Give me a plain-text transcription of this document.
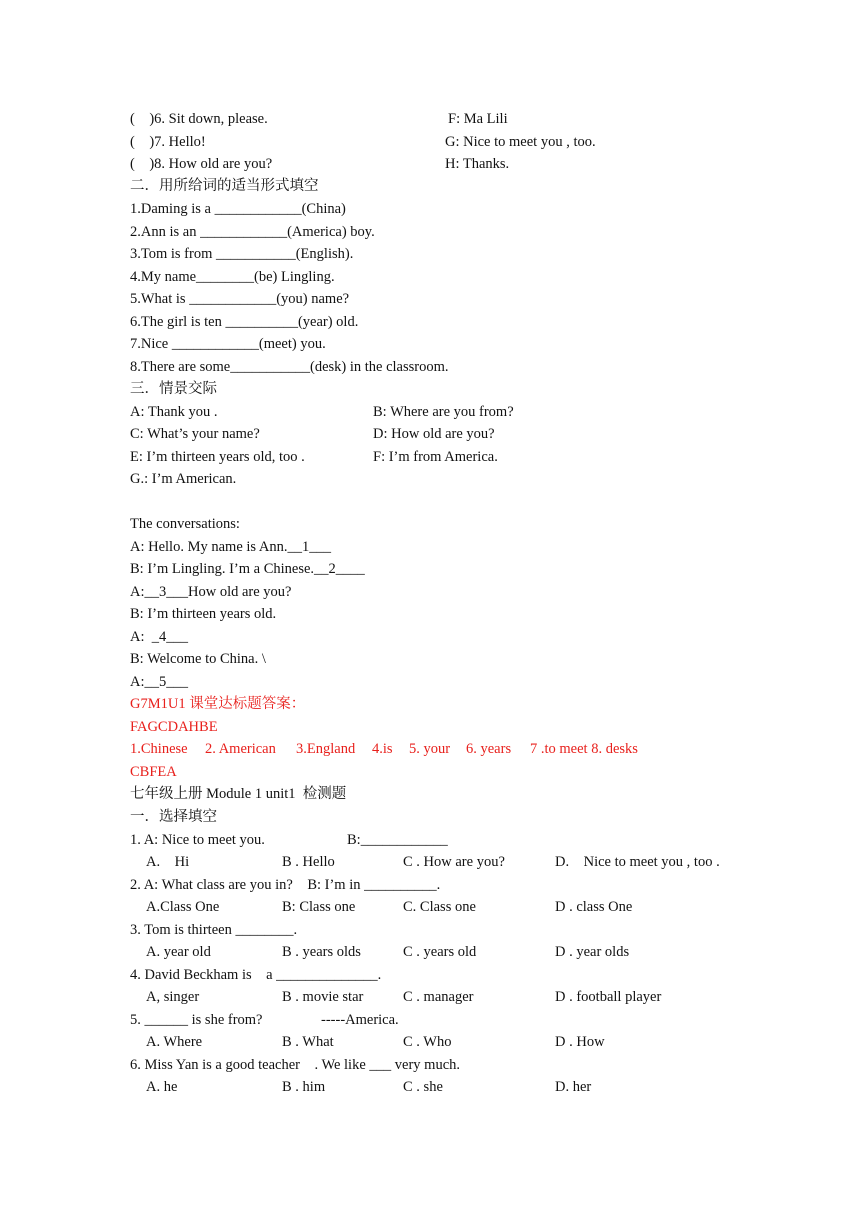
(    )6. Sit down, please.	F: Ma Lili
(    )7. Hello!	G: Nice to meet you , too.
(    )8. How old are you?	H: Thanks.
二．用所给词的适当形式填空
1.Daming is a ____________(China)
2.Ann is an ____________(America) boy.
3.Tom is from ___________(English).
4.My name________(be) Lingling.
5.What is ____________(you) name?
6.The girl is ten __________(year) old.
7.Nice ____________(meet) you.
8.There are some___________(desk) in the classroom.
三．情景交际
A: Thank you .	B: Where are you from?
C: What’s your name?	D: How old are you?
E: I’m thirteen years old, too .	F: I’m from America.
G.: I’m American.
The conversations:
A: Hello. My name is Ann.__1___
B: I’m Lingling. I’m a Chinese.__2____
A:__3___How old are you?
B: I’m thirteen years old.
A:  _4___
B: Welcome to China. \
A:__5___
G7M1U1 课堂达标题答案：
FAGCDAHBE
1.Chinese 2. American 3.England 4.is 5. your 6. years 7 .to meet 8. desks
CBFEA
七年级上册 Module 1 unit1  检测题
一．选择填空
1. A: Nice to meet you.	B:____________
A.    Hi	B . Hello	C . How are you?	D.    Nice to meet you , too .
2. A: What class are you in?    B: I’m in __________.
A.Class One	B: Class one	C. Class one	D . class One
3. Tom is thirteen ________.
A. year old	B . years olds	C . years old	D . year olds
4. David Beckham is    a ______________.
A, singer	B . movie star	C . manager	D . football player
5. ______ is she from?	-----America.
A. Where	B . What	C . Who	D . How
6. Miss Yan is a good teacher    . We like ___ very much.
A. he	B . him	C . she	D. her
